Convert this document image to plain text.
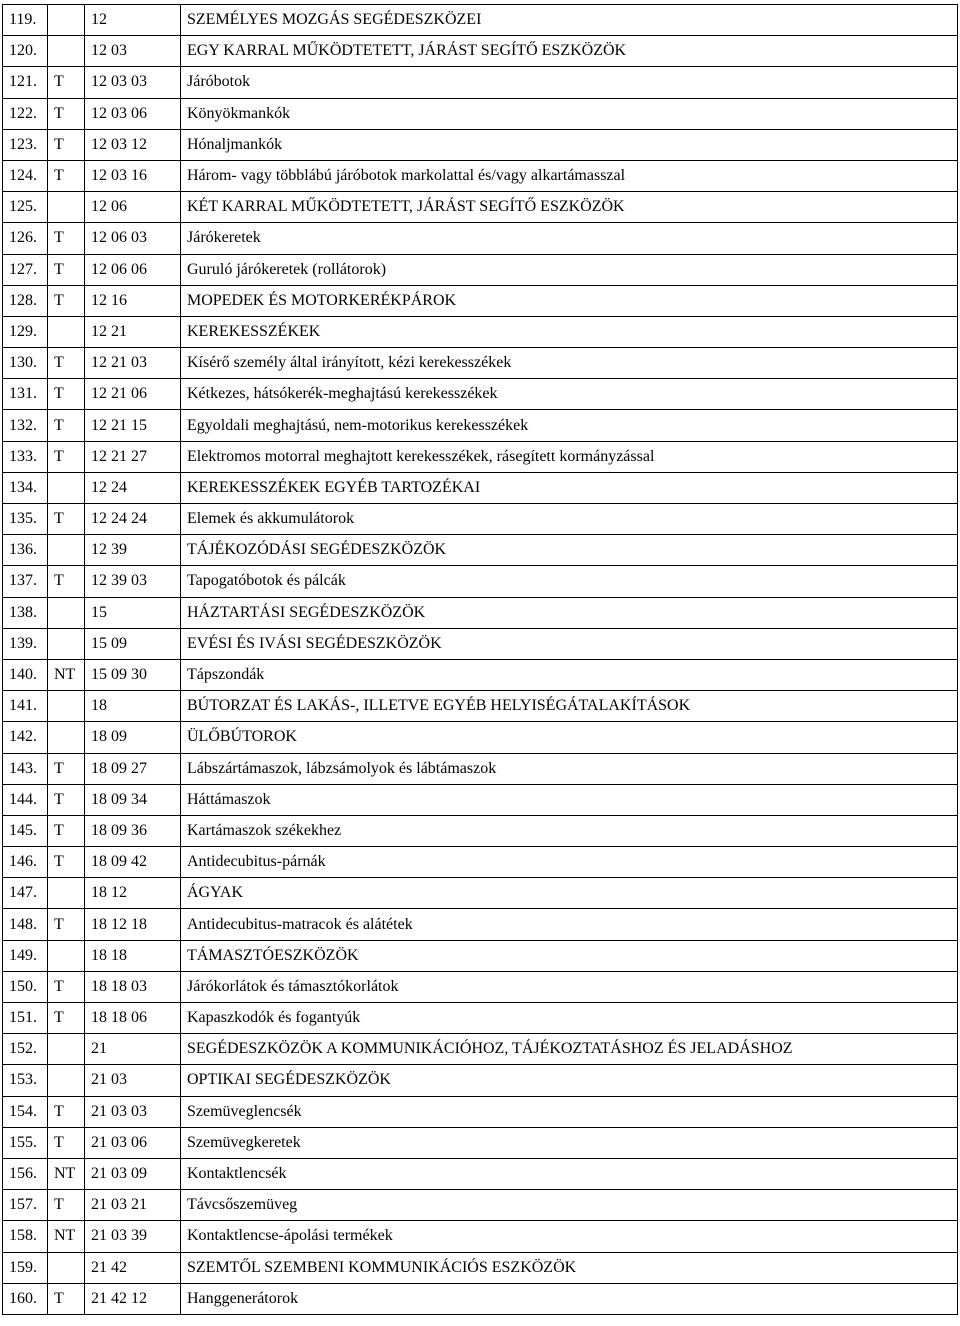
119.		12	SZEMÉLYES MOZGÁS SEGÉDESZKÖZEI
120.		12 03	EGY KARRAL MŰKÖDTETETT, JÁRÁST SEGÍTŐ ESZKÖZÖK
121.	T	12 03 03	Járóbotok
122.	T	12 03 06	Könyökmankók
123.	T	12 03 12	Hónaljmankók
124.	T	12 03 16	Három- vagy többlábú járóbotok markolattal és/vagy alkartámasszal
125.		12 06	KÉT KARRAL MŰKÖDTETETT, JÁRÁST SEGÍTŐ ESZKÖZÖK
126.	T	12 06 03	Járókeretek
127.	T	12 06 06	Guruló járókeretek (rollátorok)
128.	T	12 16	MOPEDEK ÉS MOTORKERÉKPÁROK
129.		12 21	KEREKESSZÉKEK
130.	T	12 21 03	Kísérő személy által irányított, kézi kerekesszékek
131.	T	12 21 06	Kétkezes, hátsókerék-meghajtású kerekesszékek
132.	T	12 21 15	Egyoldali meghajtású, nem-motorikus kerekesszékek
133.	T	12 21 27	Elektromos motorral meghajtott kerekesszékek, rásegített kormányzással
134.		12 24	KEREKESSZÉKEK EGYÉB TARTOZÉKAI
135.	T	12 24 24	Elemek és akkumulátorok
136.		12 39	TÁJÉKOZÓDÁSI SEGÉDESZKÖZÖK
137.	T	12 39 03	Tapogatóbotok és pálcák
138.		15	HÁZTARTÁSI SEGÉDESZKÖZÖK
139.		15 09	EVÉSI ÉS IVÁSI SEGÉDESZKÖZÖK
140.	NT	15 09 30	Tápszondák
141.		18	BÚTORZAT ÉS LAKÁS-, ILLETVE EGYÉB HELYISÉGÁTALAKÍTÁSOK
142.		18 09	ÜLŐBÚTOROK
143.	T	18 09 27	Lábszártámaszok, lábzsámolyok és lábtámaszok
144.	T	18 09 34	Háttámaszok
145.	T	18 09 36	Kartámaszok székekhez
146.	T	18 09 42	Antidecubitus-párnák
147.		18 12	ÁGYAK
148.	T	18 12 18	Antidecubitus-matracok és alátétek
149.		18 18	TÁMASZTÓESZKÖZÖK
150.	T	18 18 03	Járókorlátok és támasztókorlátok
151.	T	18 18 06	Kapaszkodók és fogantyúk
152.		21	SEGÉDESZKÖZÖK A KOMMUNIKÁCIÓHOZ, TÁJÉKOZTATÁSHOZ ÉS JELADÁSHOZ
153.		21 03	OPTIKAI SEGÉDESZKÖZÖK
154.	T	21 03 03	Szemüveglencsék
155.	T	21 03 06	Szemüvegkeretek
156.	NT	21 03 09	Kontaktlencsék
157.	T	21 03 21	Távcsőszemüveg
158.	NT	21 03 39	Kontaktlencse-ápolási termékek
159.		21 42	SZEMTŐL SZEMBENI KOMMUNIKÁCIÓS ESZKÖZÖK
160.	T	21 42 12	Hanggenerátorok
